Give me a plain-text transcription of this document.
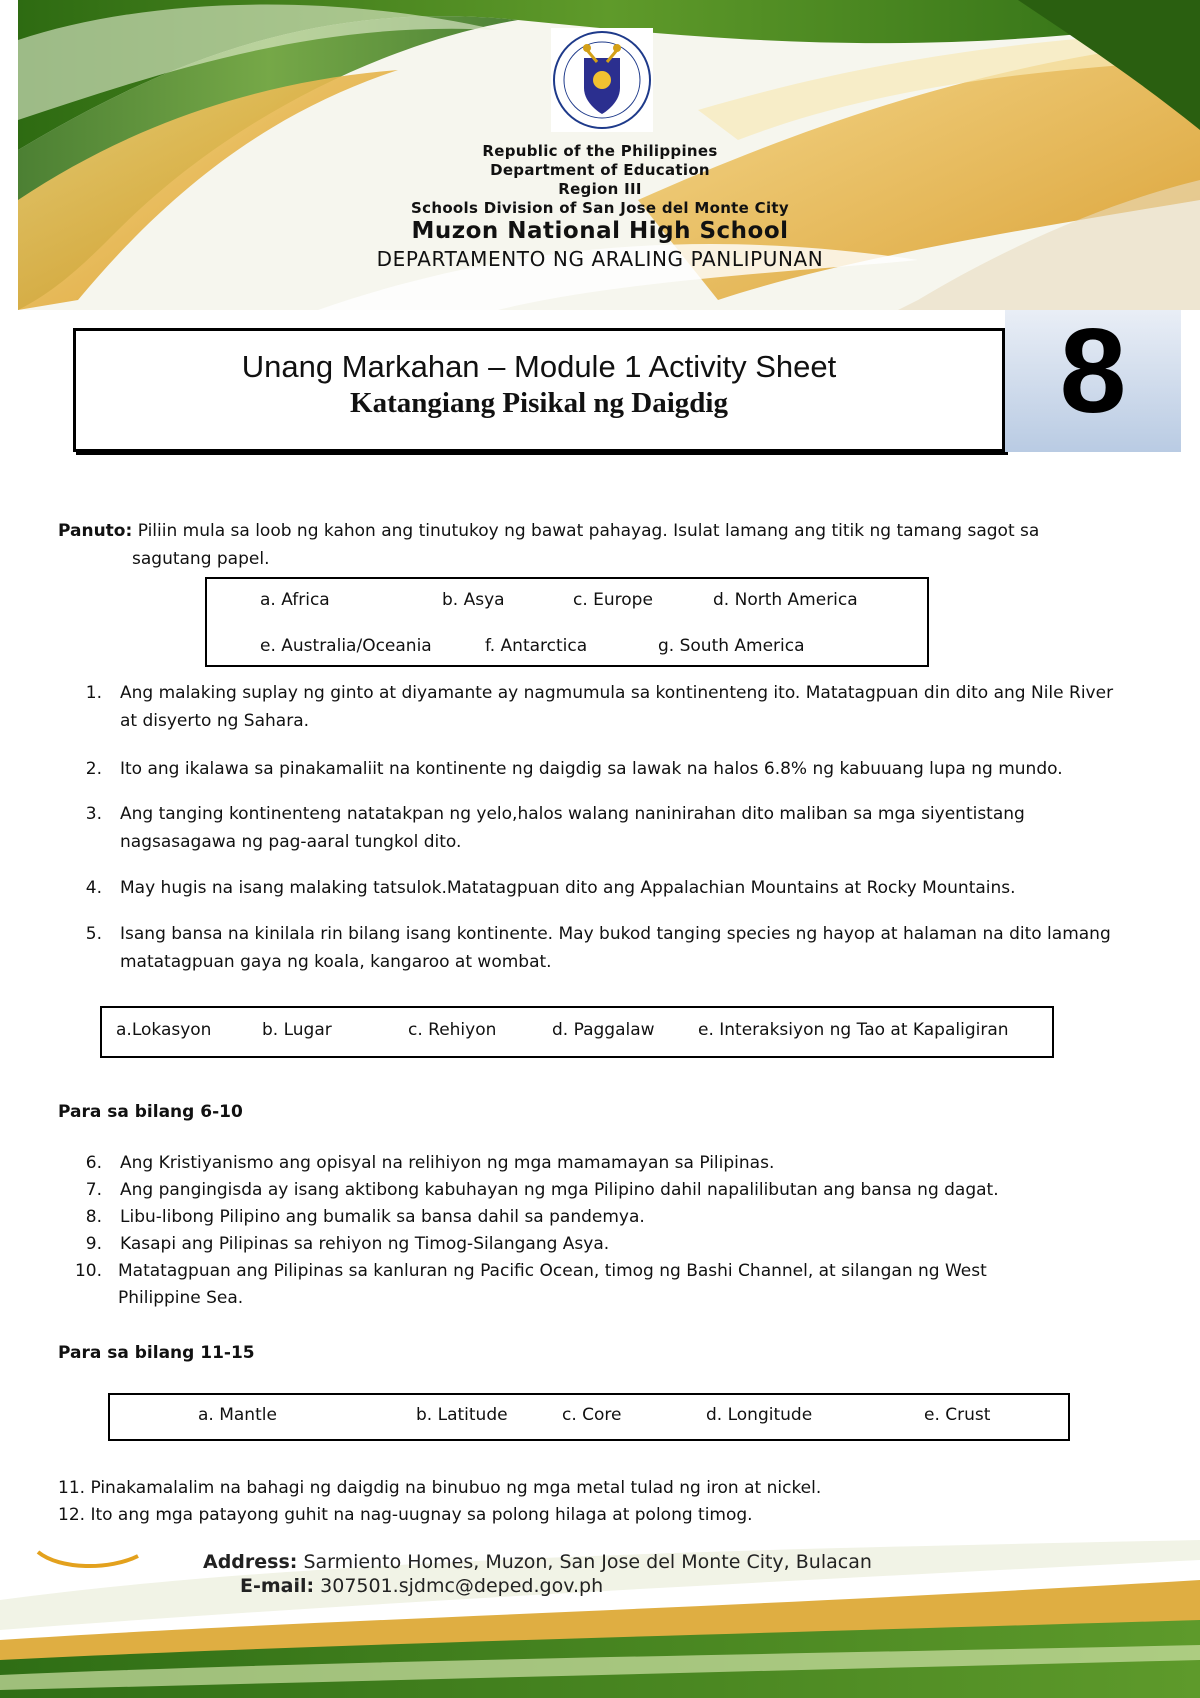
Republic of the Philippines
Department of Education
Region III
Schools Division of San Jose del Monte City
Muzon National High School
DEPARTAMENTO NG ARALING PANLIPUNAN
Unang Markahan – Module 1 Activity Sheet
Katangiang Pisikal ng Daigdig	8
Panuto: Piliin mula sa loob ng kahon ang tinutukoy ng bawat pahayag. Isulat lamang ang titik ng tamang sagot sa
sagutang papel.
a. Africa	b. Asya	c. Europe	d. North America
e. Australia/Oceania	f. Antarctica	g. South America
1. Ang malaking suplay ng ginto at diyamante ay nagmumula sa kontinenteng ito. Matatagpuan din dito ang Nile River at disyerto ng Sahara.
2. Ito ang ikalawa sa pinakamaliit na kontinente ng daigdig sa lawak na halos 6.8% ng kabuuang lupa ng mundo.
3. Ang tanging kontinenteng natatakpan ng yelo,halos walang naninirahan dito maliban sa mga siyentistang nagsasagawa ng pag-aaral tungkol dito.
4. May hugis na isang malaking tatsulok.Matatagpuan dito ang Appalachian Mountains at Rocky Mountains.
5. Isang bansa na kinilala rin bilang isang kontinente. May bukod tanging species ng hayop at halaman na dito lamang matatagpuan gaya ng koala, kangaroo at wombat.
a.Lokasyon	b. Lugar	c. Rehiyon	d. Paggalaw	e. Interaksiyon ng Tao at Kapaligiran
Para sa bilang 6-10
6. Ang Kristiyanismo ang opisyal na relihiyon ng mga mamamayan sa Pilipinas.
7. Ang pangingisda ay isang aktibong kabuhayan ng mga Pilipino dahil napalilibutan ang bansa ng dagat.
8. Libu-libong Pilipino ang bumalik sa bansa dahil sa pandemya.
9. Kasapi ang Pilipinas sa rehiyon ng Timog-Silangang Asya.
10. Matatagpuan ang Pilipinas sa kanluran ng Pacific Ocean, timog ng Bashi Channel, at silangan ng West Philippine Sea.
Para sa bilang 11-15
a. Mantle	b. Latitude	c. Core	d. Longitude	e. Crust
11. Pinakamalalim na bahagi ng daigdig na binubuo ng mga metal tulad ng iron at nickel.
12. Ito ang mga patayong guhit na nag-uugnay sa polong hilaga at polong timog.
Address: Sarmiento Homes, Muzon, San Jose del Monte City, Bulacan
E-mail: 307501.sjdmc@deped.gov.ph
